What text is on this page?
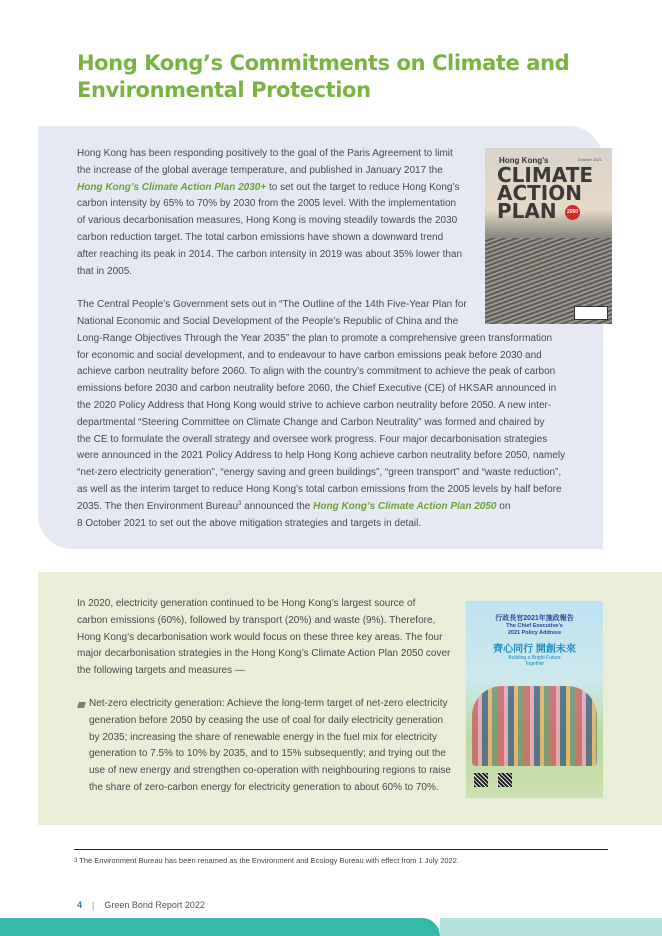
Hong Kong’s Commitments on Climate and
Environmental Protection
Hong Kong has been responding positively to the goal of the Paris Agreement to limit
the increase of the global average temperature, and published in January 2017 the
Hong Kong’s Climate Action Plan 2030+ to set out the target to reduce Hong Kong’s
carbon intensity by 65% to 70% by 2030 from the 2005 level. With the implementation
of various decarbonisation measures, Hong Kong is moving steadily towards the 2030
carbon reduction target. The total carbon emissions have shown a downward trend
after reaching its peak in 2014. The carbon intensity in 2019 was about 35% lower than
that in 2005.
The Central People’s Government sets out in “The Outline of the 14th Five-Year Plan for
National Economic and Social Development of the People’s Republic of China and the
Long-Range Objectives Through the Year 2035” the plan to promote a comprehensive green transformation
for economic and social development, and to endeavour to have carbon emissions peak before 2030 and
achieve carbon neutrality before 2060. To align with the country’s commitment to achieve the peak of carbon
emissions before 2030 and carbon neutrality before 2060, the Chief Executive (CE) of HKSAR announced in
the 2020 Policy Address that Hong Kong would strive to achieve carbon neutrality before 2050. A new inter-
departmental “Steering Committee on Climate Change and Carbon Neutrality” was formed and chaired by
the CE to formulate the overall strategy and oversee work progress. Four major decarbonisation strategies
were announced in the 2021 Policy Address to help Hong Kong achieve carbon neutrality before 2050, namely
“net-zero electricity generation”, “energy saving and green buildings”, “green transport” and “waste reduction”,
as well as the interim target to reduce Hong Kong’s total carbon emissions from the 2005 levels by half before
2035. The then Environment Bureau$^3$ announced the Hong Kong’s Climate Action Plan 2050 on
8 October 2021 to set out the above mitigation strategies and targets in detail.
October 2021
Hong Kong’s
CLIMATE
ACTION
PLAN	2050
In 2020, electricity generation continued to be Hong Kong’s largest source of
carbon emissions (60%), followed by transport (20%) and waste (9%). Therefore,
Hong Kong’s decarbonisation work would focus on these three key areas. The four
major decarbonisation strategies in the Hong Kong’s Climate Action Plan 2050 cover
the following targets and measures —
Net-zero electricity generation: Achieve the long-term target of net-zero electricity
generation before 2050 by ceasing the use of coal for daily electricity generation
by 2035; increasing the share of renewable energy in the fuel mix for electricity
generation to 7.5% to 10% by 2035, and to 15% subsequently; and trying out the
use of new energy and strengthen co-operation with neighbouring regions to raise
the share of zero-carbon energy for electricity generation to about 60% to 70%.
行政長官2021年施政報告
The Chief Executive’s
2021 Policy Address
齊心同行 開創未來
Building a Bright Future
Together
$^3$ The Environment Bureau has been renamed as the Environment and Ecology Bureau with effect from 1 July 2022.
4 | Green Bond Report 2022
